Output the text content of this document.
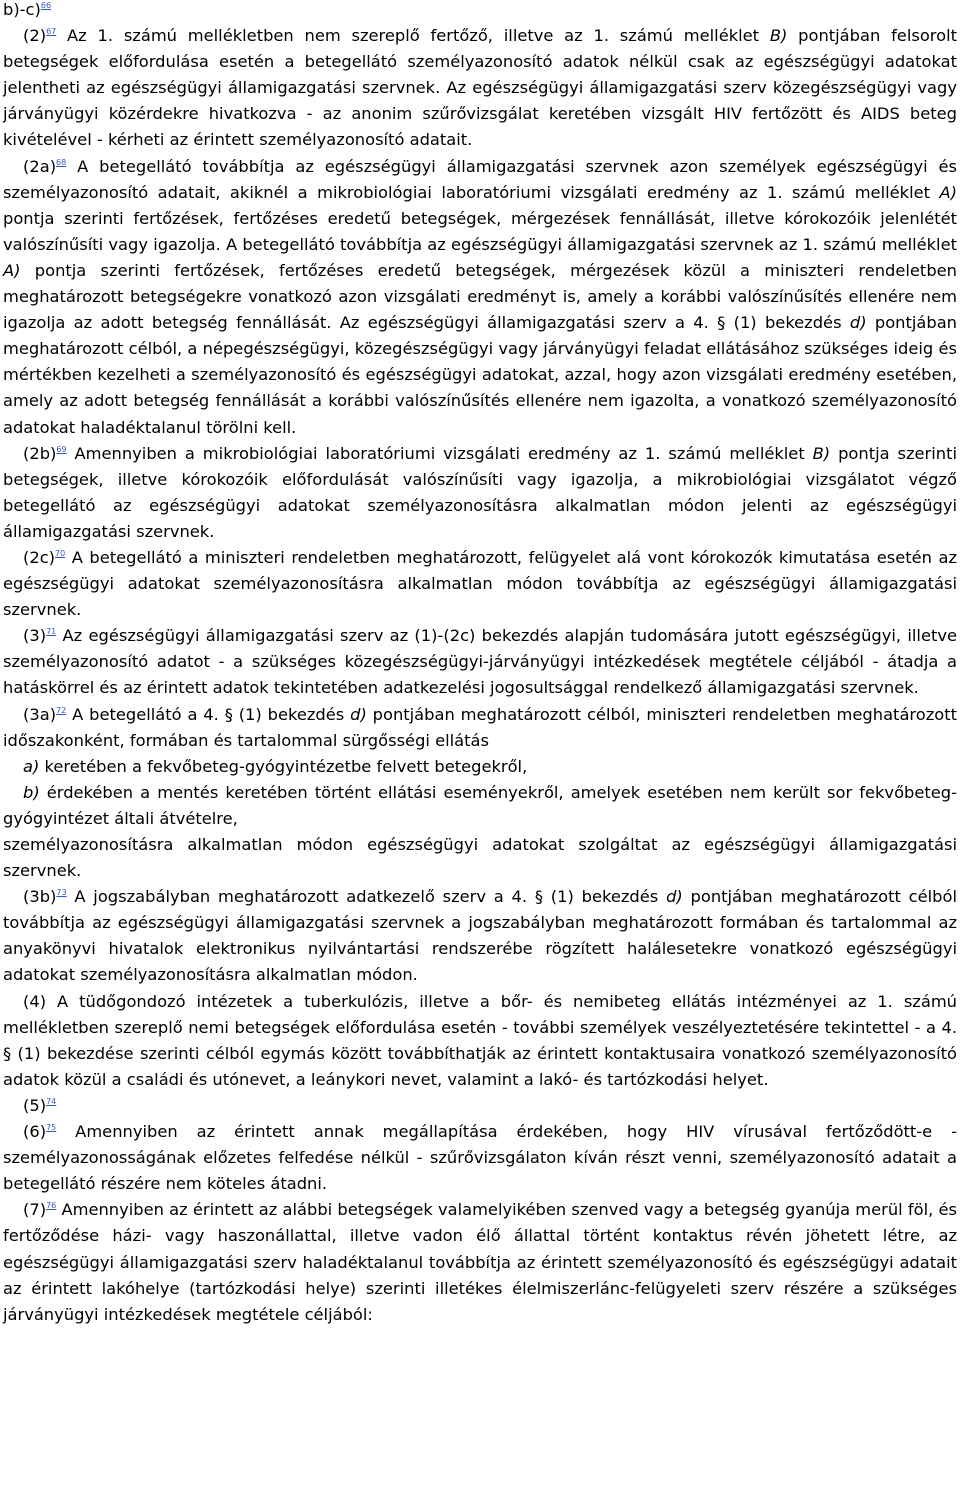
b)-c)$^{66}$

$(2)^{67}$ Az 1. számú mellékletben nem szereplő fertőző, illetve az 1. számú melléklet B) pontjában felsorolt betegségek előfordulása esetén a betegellátó személyazonosító adatok nélkül csak az egészségügyi adatokat jelentheti az egészségügyi államigazgatási szervnek. Az egészségügyi államigazgatási szerv közegészségügyi vagy járványügyi közérdekre hivatkozva - az anonim szűrővizsgálat keretében vizsgált HIV fertőzött és AIDS beteg kivételével - kérheti az érintett személyazonosító adatait.

$(2a)^{68}$ A betegellátó továbbítja az egészségügyi államigazgatási szervnek azon személyek egészségügyi és személyazonosító adatait, akiknél a mikrobiológiai laboratóriumi vizsgálati eredmény az 1. számú melléklet A) pontja szerinti fertőzések, fertőzéses eredetű betegségek, mérgezések fennállását, illetve kórokozóik jelenlétét valószínűsíti vagy igazolja. A betegellátó továbbítja az egészségügyi államigazgatási szervnek az 1. számú melléklet A) pontja szerinti fertőzések, fertőzéses eredetű betegségek, mérgezések közül a miniszteri rendeletben meghatározott betegségekre vonatkozó azon vizsgálati eredményt is, amely a korábbi valószínűsítés ellenére nem igazolja az adott betegség fennállását. Az egészségügyi államigazgatási szerv a 4. § (1) bekezdés d) pontjában meghatározott célból, a népegészségügyi, közegészségügyi vagy járványügyi feladat ellátásához szükséges ideig és mértékben kezelheti a személyazonosító és egészségügyi adatokat, azzal, hogy azon vizsgálati eredmény esetében, amely az adott betegség fennállását a korábbi valószínűsítés ellenére nem igazolta, a vonatkozó személyazonosító adatokat haladéktalanul törölni kell.

$(2b)^{69}$ Amennyiben a mikrobiológiai laboratóriumi vizsgálati eredmény az 1. számú melléklet B) pontja szerinti betegségek, illetve kórokozóik előfordulását valószínűsíti vagy igazolja, a mikrobiológiai vizsgálatot végző betegellátó az egészségügyi adatokat személyazonosításra alkalmatlan módon jelenti az egészségügyi államigazgatási szervnek.

$(2c)^{70}$ A betegellátó a miniszteri rendeletben meghatározott, felügyelet alá vont kórokozók kimutatása esetén az egészségügyi adatokat személyazonosításra alkalmatlan módon továbbítja az egészségügyi államigazgatási szervnek.

$(3)^{71}$ Az egészségügyi államigazgatási szerv az (1)-(2c) bekezdés alapján tudomására jutott egészségügyi, illetve személyazonosító adatot - a szükséges közegészségügyi-járványügyi intézkedések megtétele céljából - átadja a hatáskörrel és az érintett adatok tekintetében adatkezelési jogosultsággal rendelkező államigazgatási szervnek.

$(3a)^{72}$ A betegellátó a 4. § (1) bekezdés d) pontjában meghatározott célból, miniszteri rendeletben meghatározott időszakonként, formában és tartalommal sürgősségi ellátás

a) keretében a fekvőbeteg-gyógyintézetbe felvett betegekről,

b) érdekében a mentés keretében történt ellátási eseményekről, amelyek esetében nem került sor fekvőbeteg-gyógyintézet általi átvételre,

személyazonosításra alkalmatlan módon egészségügyi adatokat szolgáltat az egészségügyi államigazgatási szervnek.

$(3b)^{73}$ A jogszabályban meghatározott adatkezelő szerv a 4. § (1) bekezdés d) pontjában meghatározott célból továbbítja az egészségügyi államigazgatási szervnek a jogszabályban meghatározott formában és tartalommal az anyakönyvi hivatalok elektronikus nyilvántartási rendszerébe rögzített halálesetekre vonatkozó egészségügyi adatokat személyazonosításra alkalmatlan módon.

(4) A tüdőgondozó intézetek a tuberkulózis, illetve a bőr- és nemibeteg ellátás intézményei az 1. számú mellékletben szereplő nemi betegségek előfordulása esetén - további személyek veszélyeztetésére tekintettel - a 4. § (1) bekezdése szerinti célból egymás között továbbíthatják az érintett kontaktusaira vonatkozó személyazonosító adatok közül a családi és utónevet, a leánykori nevet, valamint a lakó- és tartózkodási helyet.

$(5)^{74}$

$(6)^{75}$ Amennyiben az érintett annak megállapítása érdekében, hogy HIV vírusával fertőződött-e - személyazonosságának előzetes felfedése nélkül - szűrővizsgálaton kíván részt venni, személyazonosító adatait a betegellátó részére nem köteles átadni.

$(7)^{76}$ Amennyiben az érintett az alábbi betegségek valamelyikében szenved vagy a betegség gyanúja merül föl, és fertőződése házi- vagy haszonállattal, illetve vadon élő állattal történt kontaktus révén jöhetett létre, az egészségügyi államigazgatási szerv haladéktalanul továbbítja az érintett személyazonosító és egészségügyi adatait az érintett lakóhelye (tartózkodási helye) szerinti illetékes élelmiszerlánc-felügyeleti szerv részére a szükséges járványügyi intézkedések megtétele céljából:
